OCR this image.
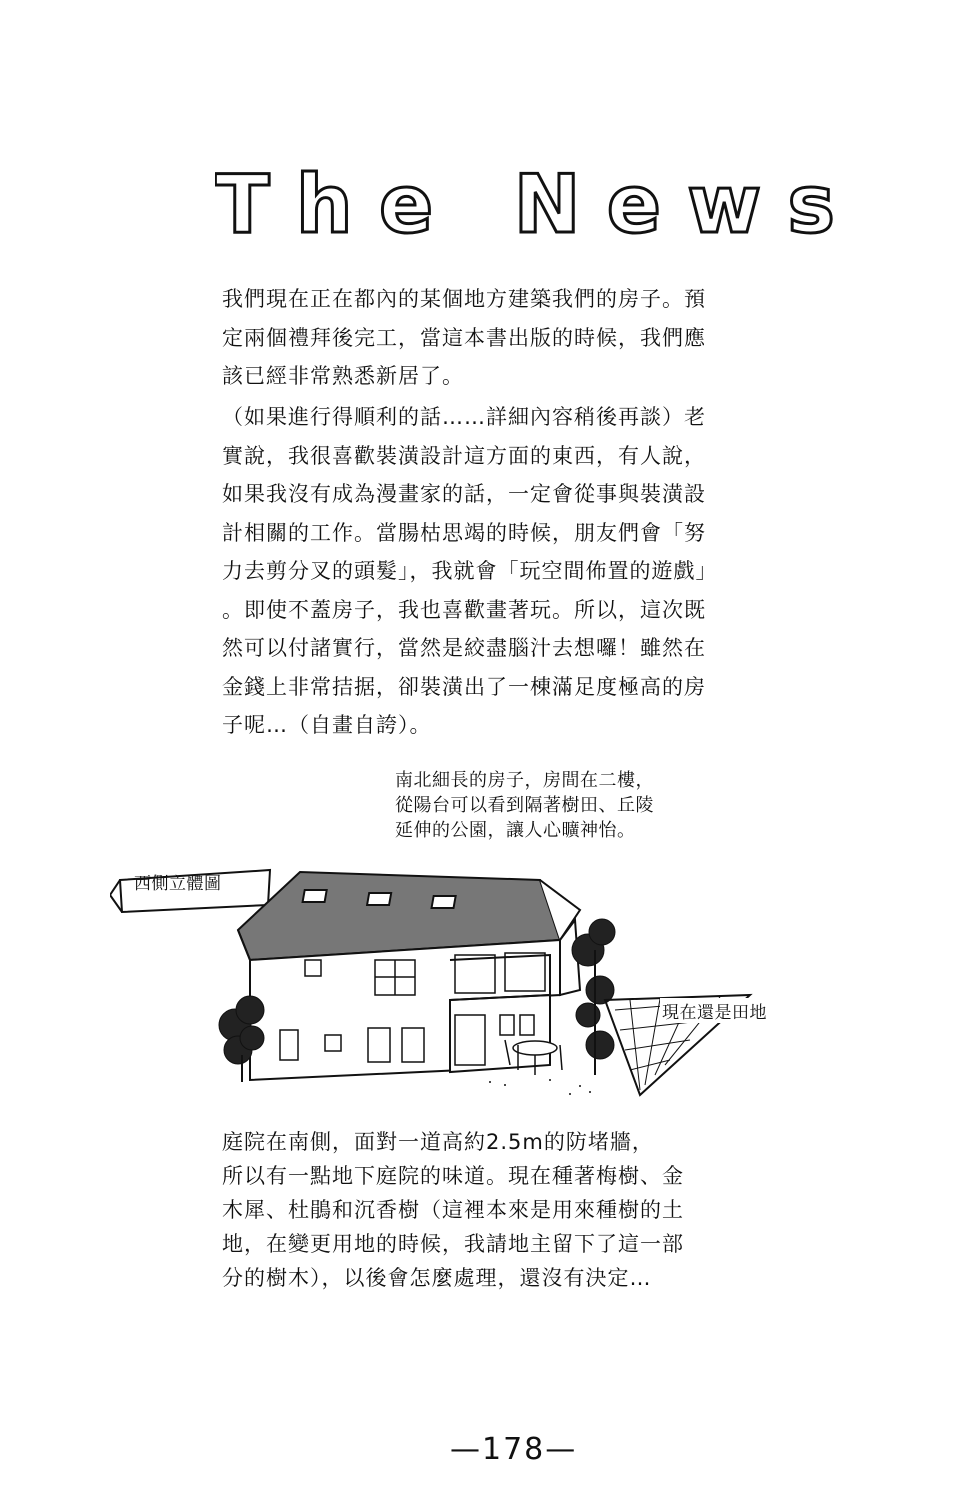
The News
我們現在正在都內的某個地方建築我們的房子。預
定兩個禮拜後完工，當這本書出版的時候，我們應
該已經非常熟悉新居了。
（如果進行得順利的話……詳細內容稍後再談）老
實說，我很喜歡裝潢設計這方面的東西，有人說，
如果我沒有成為漫畫家的話，一定會從事與裝潢設
計相關的工作。當腸枯思竭的時候，朋友們會「努
力去剪分叉的頭髮」，我就會「玩空間佈置的遊戲」
。即使不蓋房子，我也喜歡畫著玩。所以，這次既
然可以付諸實行，當然是絞盡腦汁去想囉！雖然在
金錢上非常拮据，卻裝潢出了一棟滿足度極高的房
子呢…（自畫自誇）。
南北細長的房子，房間在二樓，
從陽台可以看到隔著樹田、丘陵
延伸的公園，讓人心曠神怡。
西側立體圖
現在還是田地
庭院在南側，面對一道高約2.5m的防堵牆，
所以有一點地下庭院的味道。現在種著梅樹、金
木犀、杜鵑和沉香樹（這裡本來是用來種樹的土
地，在變更用地的時候，我請地主留下了這一部
分的樹木），以後會怎麼處理，還沒有決定…
—178—
